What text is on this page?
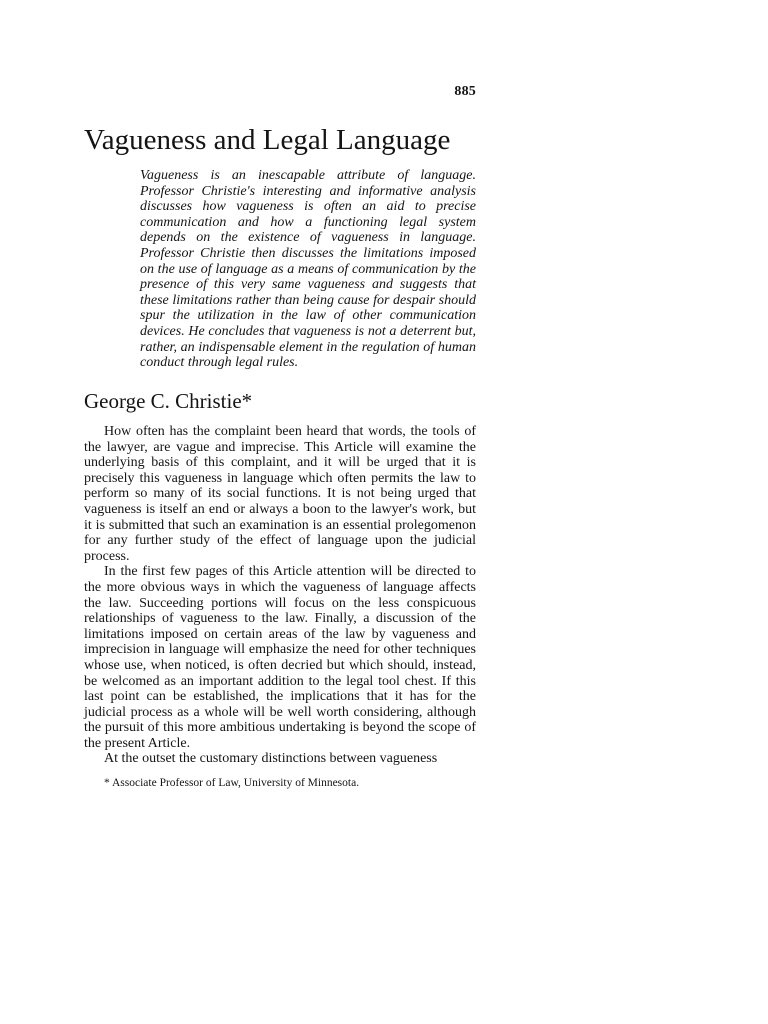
885
Vagueness and Legal Language

Vagueness is an inescapable attribute of language. Professor Christie's interesting and informative analysis discusses how vagueness is often an aid to precise communication and how a functioning legal system depends on the existence of vagueness in language. Professor Christie then discusses the limitations imposed on the use of language as a means of communication by the presence of this very same vagueness and suggests that these limitations rather than being cause for despair should spur the utilization in the law of other communication devices. He concludes that vagueness is not a deterrent but, rather, an indispensable element in the regulation of human conduct through legal rules.

George C. Christie*

How often has the complaint been heard that words, the tools of the lawyer, are vague and imprecise. This Article will examine the underlying basis of this complaint, and it will be urged that it is precisely this vagueness in language which often permits the law to perform so many of its social functions. It is not being urged that vagueness is itself an end or always a boon to the lawyer's work, but it is submitted that such an examination is an essential prolegomenon for any further study of the effect of language upon the judicial process.

In the first few pages of this Article attention will be directed to the more obvious ways in which the vagueness of language affects the law. Succeeding portions will focus on the less conspicuous relationships of vagueness to the law. Finally, a discussion of the limitations imposed on certain areas of the law by vagueness and imprecision in language will emphasize the need for other techniques whose use, when noticed, is often decried but which should, instead, be welcomed as an important addition to the legal tool chest. If this last point can be established, the implications that it has for the judicial process as a whole will be well worth considering, although the pursuit of this more ambitious undertaking is beyond the scope of the present Article.

At the outset the customary distinctions between vagueness

* Associate Professor of Law, University of Minnesota.
